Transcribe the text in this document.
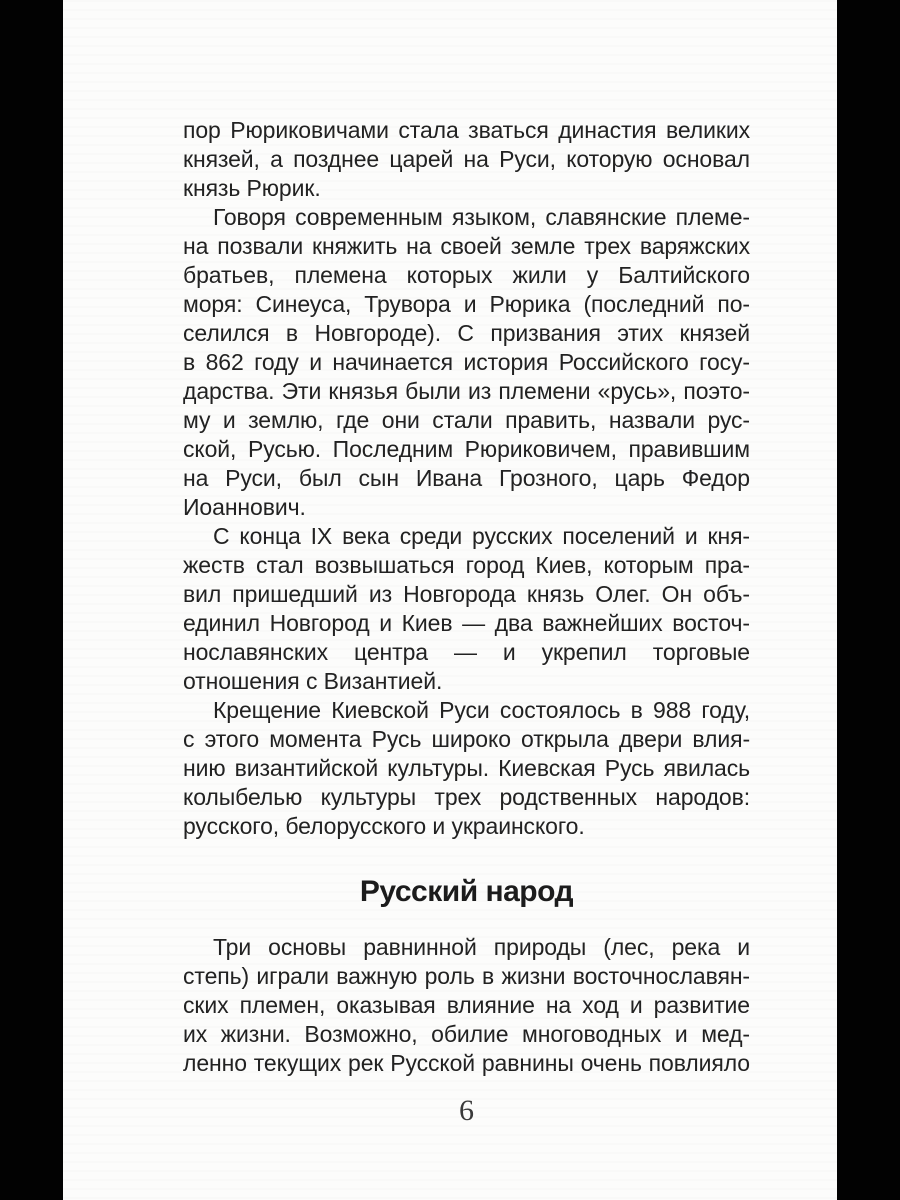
пор Рюриковичами стала зваться династия великих
князей, а позднее царей на Руси, которую основал
князь Рюрик.
Говоря современным языком, славянские племе-
на позвали княжить на своей земле трех варяжских
братьев, племена которых жили у Балтийского
моря: Синеуса, Трувора и Рюрика (последний по-
селился в Новгороде). С призвания этих князей
в 862 году и начинается история Российского госу-
дарства. Эти князья были из племени «русь», поэто-
му и землю, где они стали править, назвали рус-
ской, Русью. Последним Рюриковичем, правившим
на Руси, был сын Ивана Грозного, царь Федор
Иоаннович.
С конца IX века среди русских поселений и кня-
жеств стал возвышаться город Киев, которым пра-
вил пришедший из Новгорода князь Олег. Он объ-
единил Новгород и Киев — два важнейших восточ-
нославянских центра — и укрепил торговые
отношения с Византией.
Крещение Киевской Руси состоялось в 988 году,
с этого момента Русь широко открыла двери влия-
нию византийской культуры. Киевская Русь явилась
колыбелью культуры трех родственных народов:
русского, белорусского и украинского.
Русский народ
Три основы равнинной природы (лес, река и
степь) играли важную роль в жизни восточнославян-
ских племен, оказывая влияние на ход и развитие
их жизни. Возможно, обилие многоводных и мед-
ленно текущих рек Русской равнины очень повлияло
6
